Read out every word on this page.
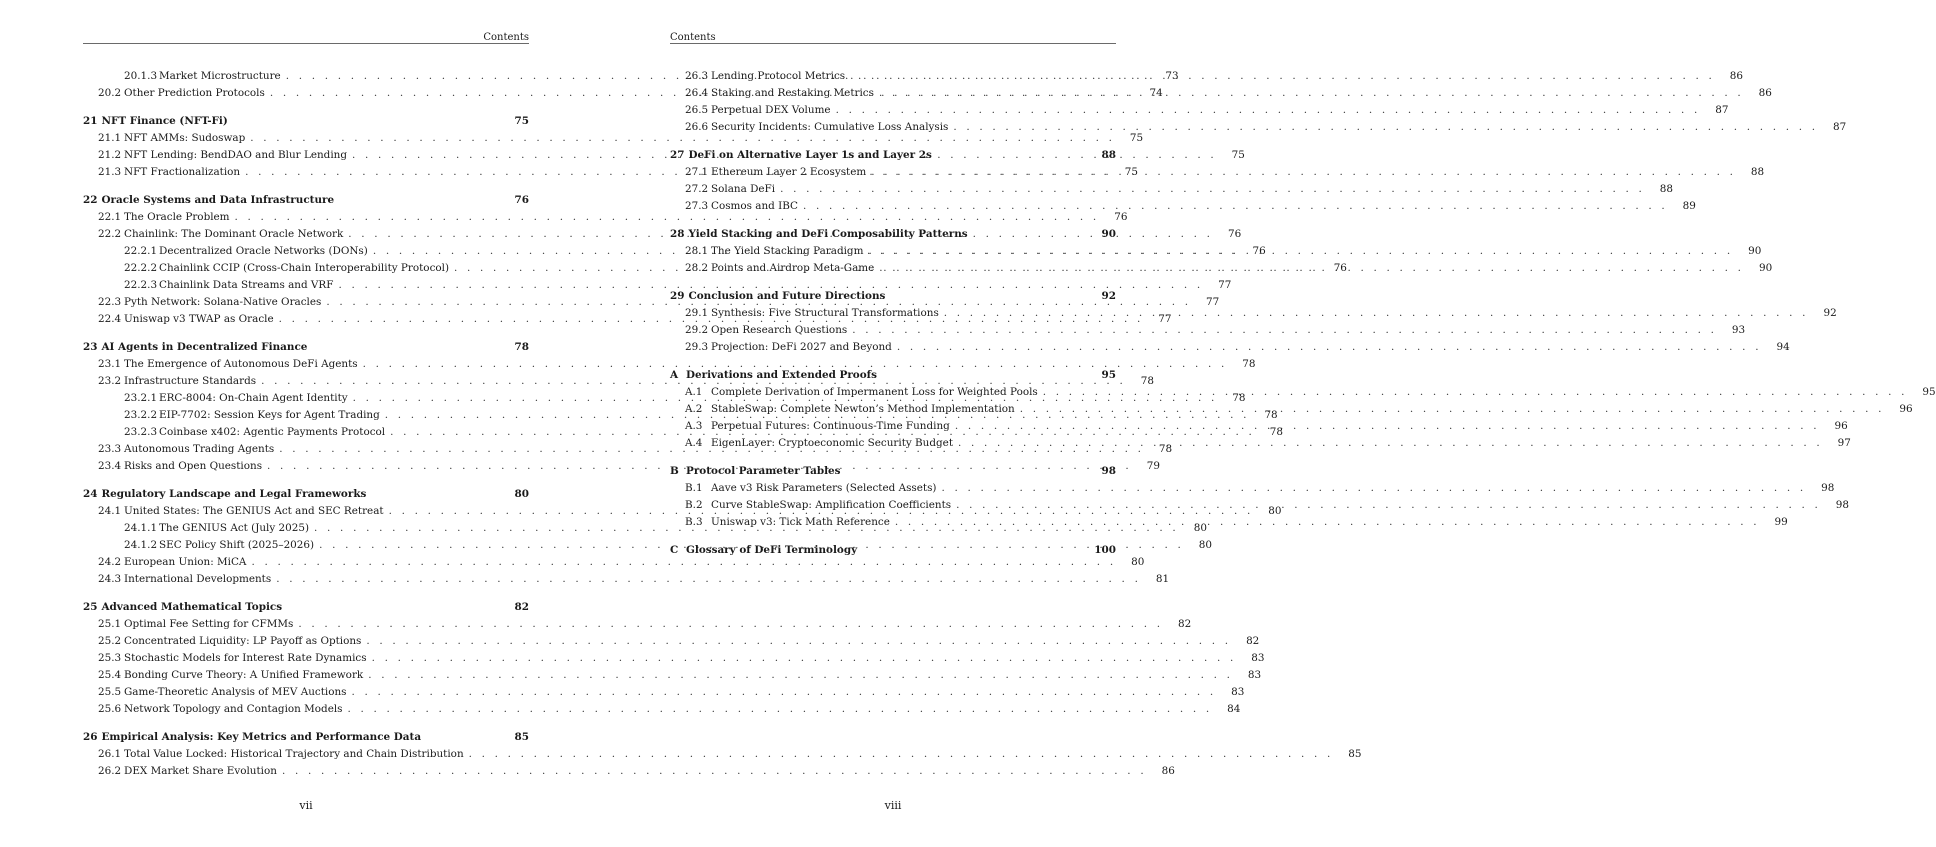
Contents
20.1.3 Market Microstructure . . .	73
20.2 Other Prediction Protocols . . .	74
21 NFT Finance (NFT-Fi)	75
21.1 NFT AMMs: Sudoswap . . .	75
21.2 NFT Lending: BendDAO and Blur Lending . . .	75
21.3 NFT Fractionalization . . .	75
22 Oracle Systems and Data Infrastructure	76
22.1 The Oracle Problem . . .	76
22.2 Chainlink: The Dominant Oracle Network . . .	76
22.2.1 Decentralized Oracle Networks (DONs) . . .	76
22.2.2 Chainlink CCIP (Cross-Chain Interoperability Protocol) . . .	76
22.2.3 Chainlink Data Streams and VRF . . .	77
22.3 Pyth Network: Solana-Native Oracles . . .	77
22.4 Uniswap v3 TWAP as Oracle . . .	77
23 AI Agents in Decentralized Finance	78
23.1 The Emergence of Autonomous DeFi Agents . . .	78
23.2 Infrastructure Standards . . .	78
23.2.1 ERC-8004: On-Chain Agent Identity . . .	78
23.2.2 EIP-7702: Session Keys for Agent Trading . . .	78
23.2.3 Coinbase x402: Agentic Payments Protocol . . .	78
23.3 Autonomous Trading Agents . . .	78
23.4 Risks and Open Questions . . .	79
24 Regulatory Landscape and Legal Frameworks	80
24.1 United States: The GENIUS Act and SEC Retreat . . .	80
24.1.1 The GENIUS Act (July 2025) . . .	80
24.1.2 SEC Policy Shift (2025–2026) . . .	80
24.2 European Union: MiCA . . .	80
24.3 International Developments . . .	81
25 Advanced Mathematical Topics	82
25.1 Optimal Fee Setting for CFMMs . . .	82
25.2 Concentrated Liquidity: LP Payoff as Options . . .	82
25.3 Stochastic Models for Interest Rate Dynamics . . .	83
25.4 Bonding Curve Theory: A Unified Framework . . .	83
25.5 Game-Theoretic Analysis of MEV Auctions . . .	83
25.6 Network Topology and Contagion Models . . .	84
26 Empirical Analysis: Key Metrics and Performance Data	85
26.1 Total Value Locked: Historical Trajectory and Chain Distribution . . .	85
26.2 DEX Market Share Evolution . . .	86
vii
Contents
26.3 Lending Protocol Metrics . . .	86
26.4 Staking and Restaking Metrics . . .	86
26.5 Perpetual DEX Volume . . .	87
26.6 Security Incidents: Cumulative Loss Analysis . . .	87
27 DeFi on Alternative Layer 1s and Layer 2s	88
27.1 Ethereum Layer 2 Ecosystem . . .	88
27.2 Solana DeFi . . .	88
27.3 Cosmos and IBC . . .	89
28 Yield Stacking and DeFi Composability Patterns	90
28.1 The Yield Stacking Paradigm . . .	90
28.2 Points and Airdrop Meta-Game . . .	90
29 Conclusion and Future Directions	92
29.1 Synthesis: Five Structural Transformations . . .	92
29.2 Open Research Questions . . .	93
29.3 Projection: DeFi 2027 and Beyond . . .	94
A Derivations and Extended Proofs	95
A.1 Complete Derivation of Impermanent Loss for Weighted Pools . . .	95
A.2 StableSwap: Complete Newton’s Method Implementation . . .	96
A.3 Perpetual Futures: Continuous-Time Funding . . .	96
A.4 EigenLayer: Cryptoeconomic Security Budget . . .	97
B Protocol Parameter Tables	98
B.1 Aave v3 Risk Parameters (Selected Assets) . . .	98
B.2 Curve StableSwap: Amplification Coefficients . . .	98
B.3 Uniswap v3: Tick Math Reference . . .	99
C Glossary of DeFi Terminology	100
viii
